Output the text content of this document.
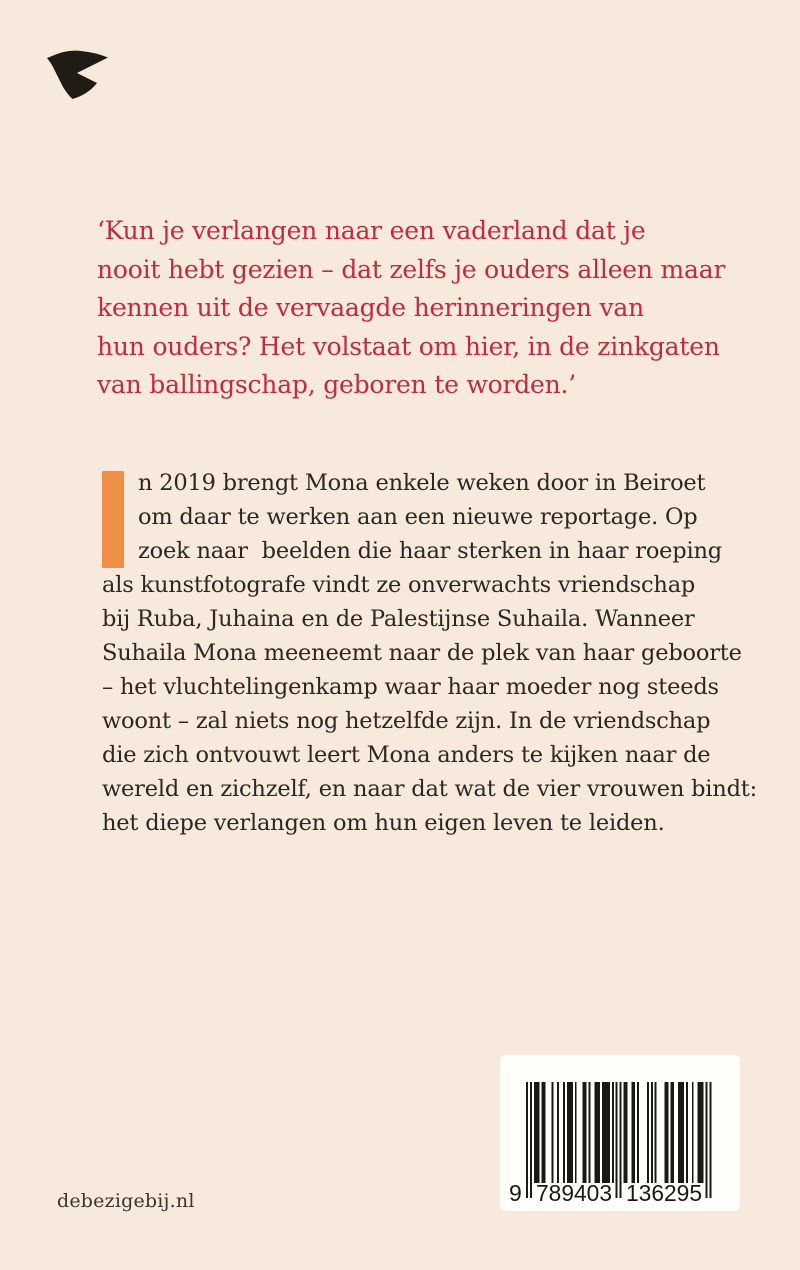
‘Kun je verlangen naar een vaderland dat je
nooit hebt gezien – dat zelfs je ouders alleen maar
kennen uit de vervaagde herinneringen van
hun ouders? Het volstaat om hier, in de zinkgaten
van ballingschap, geboren te worden.’
n 2019 brengt Mona enkele weken door in Beiroet
om daar te werken aan een nieuwe reportage. Op
zoek naar  beelden die haar sterken in haar roeping
als kunstfotografe vindt ze onverwachts vriendschap
bij Ruba, Juhaina en de Palestijnse Suhaila. Wanneer
Suhaila Mona meeneemt naar de plek van haar geboorte
– het vluchtelingenkamp waar haar moeder nog steeds
woont – zal niets nog hetzelfde zijn. In de vriendschap
die zich ontvouwt leert Mona anders te kijken naar de
wereld en zichzelf, en naar dat wat de vier vrouwen bindt:
het diepe verlangen om hun eigen leven te leiden.
9 789403 136295
debezigebij.nl
